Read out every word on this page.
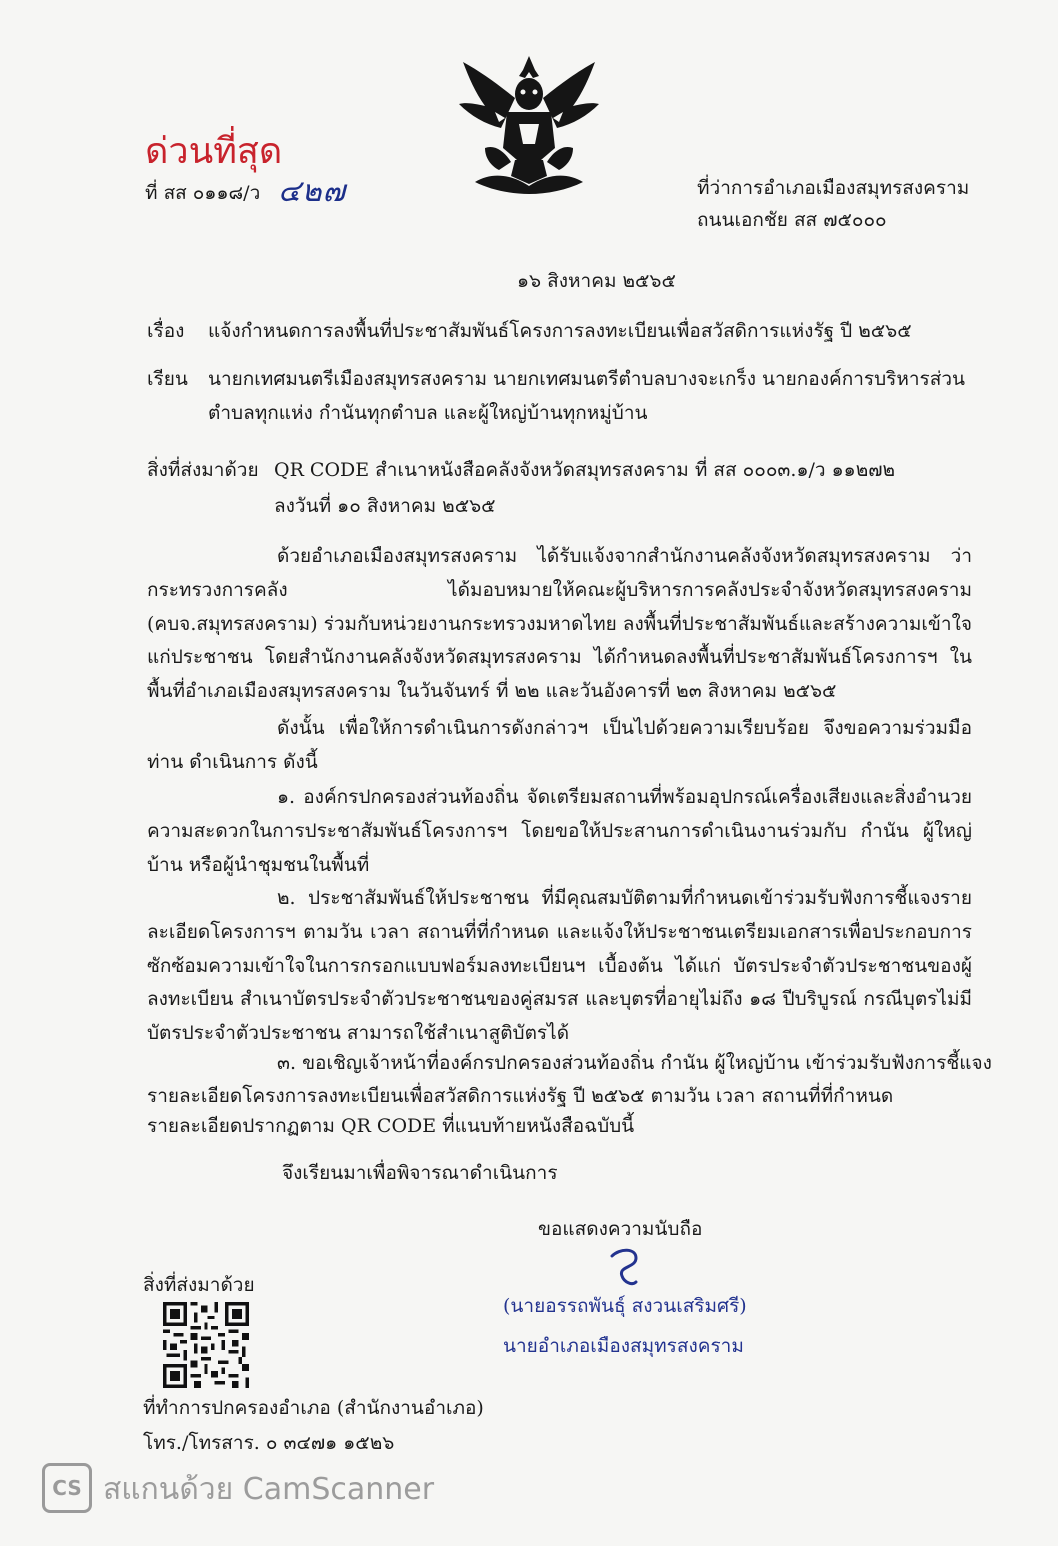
ด่วนที่สุด
ที่ สส ๐๑๑๘/ว ๔๒๗	ที่ว่าการอำเภอเมืองสมุทรสงคราม
ถนนเอกชัย สส ๗๕๐๐๐
๑๖ สิงหาคม ๒๕๖๕
เรื่อง แจ้งกำหนดการลงพื้นที่ประชาสัมพันธ์โครงการลงทะเบียนเพื่อสวัสดิการแห่งรัฐ ปี ๒๕๖๕
เรียน นายกเทศมนตรีเมืองสมุทรสงคราม นายกเทศมนตรีตำบลบางจะเกร็ง นายกองค์การบริหารส่วน
ตำบลทุกแห่ง กำนันทุกตำบล และผู้ใหญ่บ้านทุกหมู่บ้าน
สิ่งที่ส่งมาด้วย QR CODE สำเนาหนังสือคลังจังหวัดสมุทรสงคราม ที่ สส ๐๐๐๓.๑/ว ๑๑๒๗๒
ลงวันที่ ๑๐ สิงหาคม ๒๕๖๕
ด้วยอำเภอเมืองสมุทรสงคราม ได้รับแจ้งจากสำนักงานคลังจังหวัดสมุทรสงคราม ว่ากระทรวงการคลัง ได้มอบหมายให้คณะผู้บริหารการคลังประจำจังหวัดสมุทรสงคราม (คบจ.สมุทรสงคราม) ร่วมกับหน่วยงานกระทรวงมหาดไทย ลงพื้นที่ประชาสัมพันธ์และสร้างความเข้าใจแก่ประชาชน โดยสำนักงานคลังจังหวัดสมุทรสงคราม ได้กำหนดลงพื้นที่ประชาสัมพันธ์โครงการฯ ในพื้นที่อำเภอเมืองสมุทรสงคราม ในวันจันทร์ ที่ ๒๒ และวันอังคารที่ ๒๓ สิงหาคม ๒๕๖๕
ดังนั้น เพื่อให้การดำเนินการดังกล่าวฯ เป็นไปด้วยความเรียบร้อย จึงขอความร่วมมือท่าน ดำเนินการ ดังนี้
๑. องค์กรปกครองส่วนท้องถิ่น จัดเตรียมสถานที่พร้อมอุปกรณ์เครื่องเสียงและสิ่งอำนวยความสะดวกในการประชาสัมพันธ์โครงการฯ โดยขอให้ประสานการดำเนินงานร่วมกับ กำนัน ผู้ใหญ่บ้าน หรือผู้นำชุมชนในพื้นที่
๒. ประชาสัมพันธ์ให้ประชาชน ที่มีคุณสมบัติตามที่กำหนดเข้าร่วมรับฟังการชี้แจงรายละเอียดโครงการฯ ตามวัน เวลา สถานที่ที่กำหนด และแจ้งให้ประชาชนเตรียมเอกสารเพื่อประกอบการซักซ้อมความเข้าใจในการกรอกแบบฟอร์มลงทะเบียนฯ เบื้องต้น ได้แก่ บัตรประจำตัวประชาชนของผู้ลงทะเบียน สำเนาบัตรประจำตัวประชาชนของคู่สมรส และบุตรที่อายุไม่ถึง ๑๘ ปีบริบูรณ์ กรณีบุตรไม่มีบัตรประจำตัวประชาชน สามารถใช้สำเนาสูติบัตรได้
๓. ขอเชิญเจ้าหน้าที่องค์กรปกครองส่วนท้องถิ่น กำนัน ผู้ใหญ่บ้าน เข้าร่วมรับฟังการชี้แจง
รายละเอียดโครงการลงทะเบียนเพื่อสวัสดิการแห่งรัฐ ปี ๒๕๖๕ ตามวัน เวลา สถานที่ที่กำหนด
รายละเอียดปรากฏตาม QR CODE ที่แนบท้ายหนังสือฉบับนี้
จึงเรียนมาเพื่อพิจารณาดำเนินการ
ขอแสดงความนับถือ
(นายอรรถพันธุ์ สงวนเสริมศรี)
นายอำเภอเมืองสมุทรสงคราม
สิ่งที่ส่งมาด้วย
ที่ทำการปกครองอำเภอ (สำนักงานอำเภอ)
โทร./โทรสาร. ๐ ๓๔๗๑ ๑๕๒๖
CS สแกนด้วย CamScanner
